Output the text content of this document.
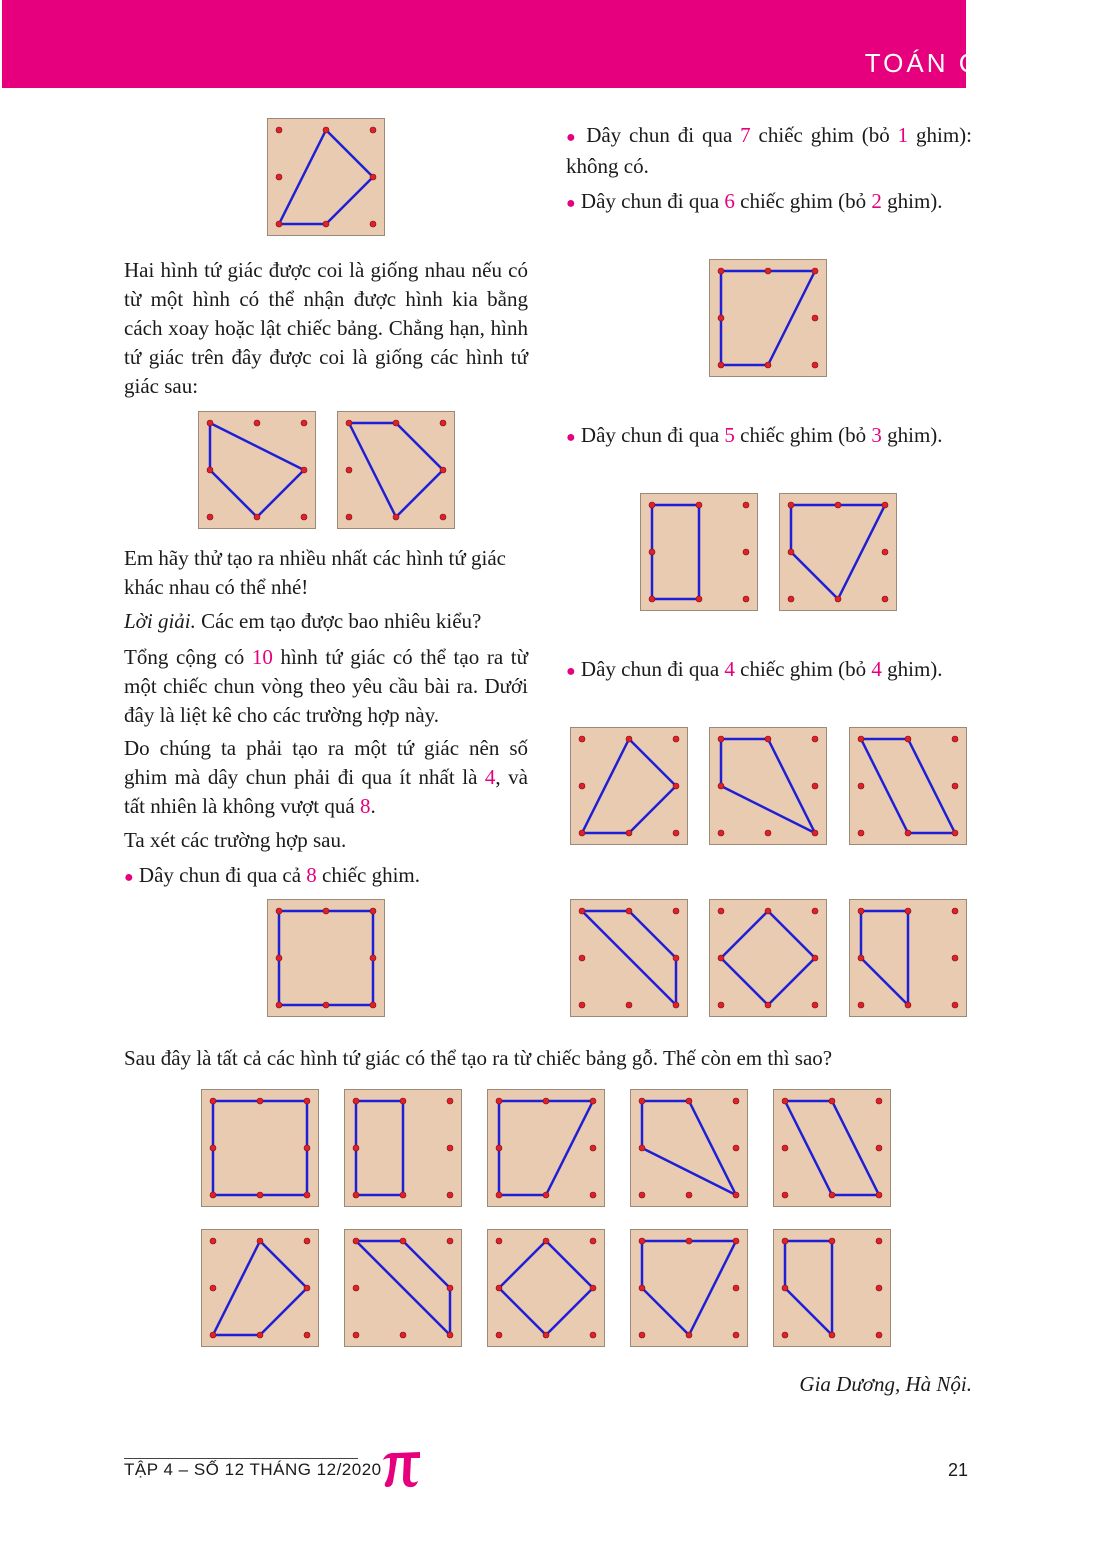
TOÁN CỦA BI

Hai hình tứ giác được coi là giống nhau nếu có từ một hình có thể nhận được hình kia bằng cách xoay hoặc lật chiếc bảng. Chẳng hạn, hình tứ giác trên đây được coi là giống các hình tứ giác sau:

Em hãy thử tạo ra nhiều nhất các hình tứ giác khác nhau có thể nhé!

Lời giải. Các em tạo được bao nhiêu kiểu?

Tổng cộng có 10 hình tứ giác có thể tạo ra từ một chiếc chun vòng theo yêu cầu bài ra. Dưới đây là liệt kê cho các trường hợp này.

Do chúng ta phải tạo ra một tứ giác nên số ghim mà dây chun phải đi qua ít nhất là 4, và tất nhiên là không vượt quá 8.

Ta xét các trường hợp sau.

● Dây chun đi qua cả 8 chiếc ghim.

● Dây chun đi qua 7 chiếc ghim (bỏ 1 ghim): không có.

● Dây chun đi qua 6 chiếc ghim (bỏ 2 ghim).

● Dây chun đi qua 5 chiếc ghim (bỏ 3 ghim).

● Dây chun đi qua 4 chiếc ghim (bỏ 4 ghim).

Sau đây là tất cả các hình tứ giác có thể tạo ra từ chiếc bảng gỗ. Thế còn em thì sao?

Gia Dương, Hà Nội.
TẬP 4 – SỐ 12 THÁNG 12/2020	21
